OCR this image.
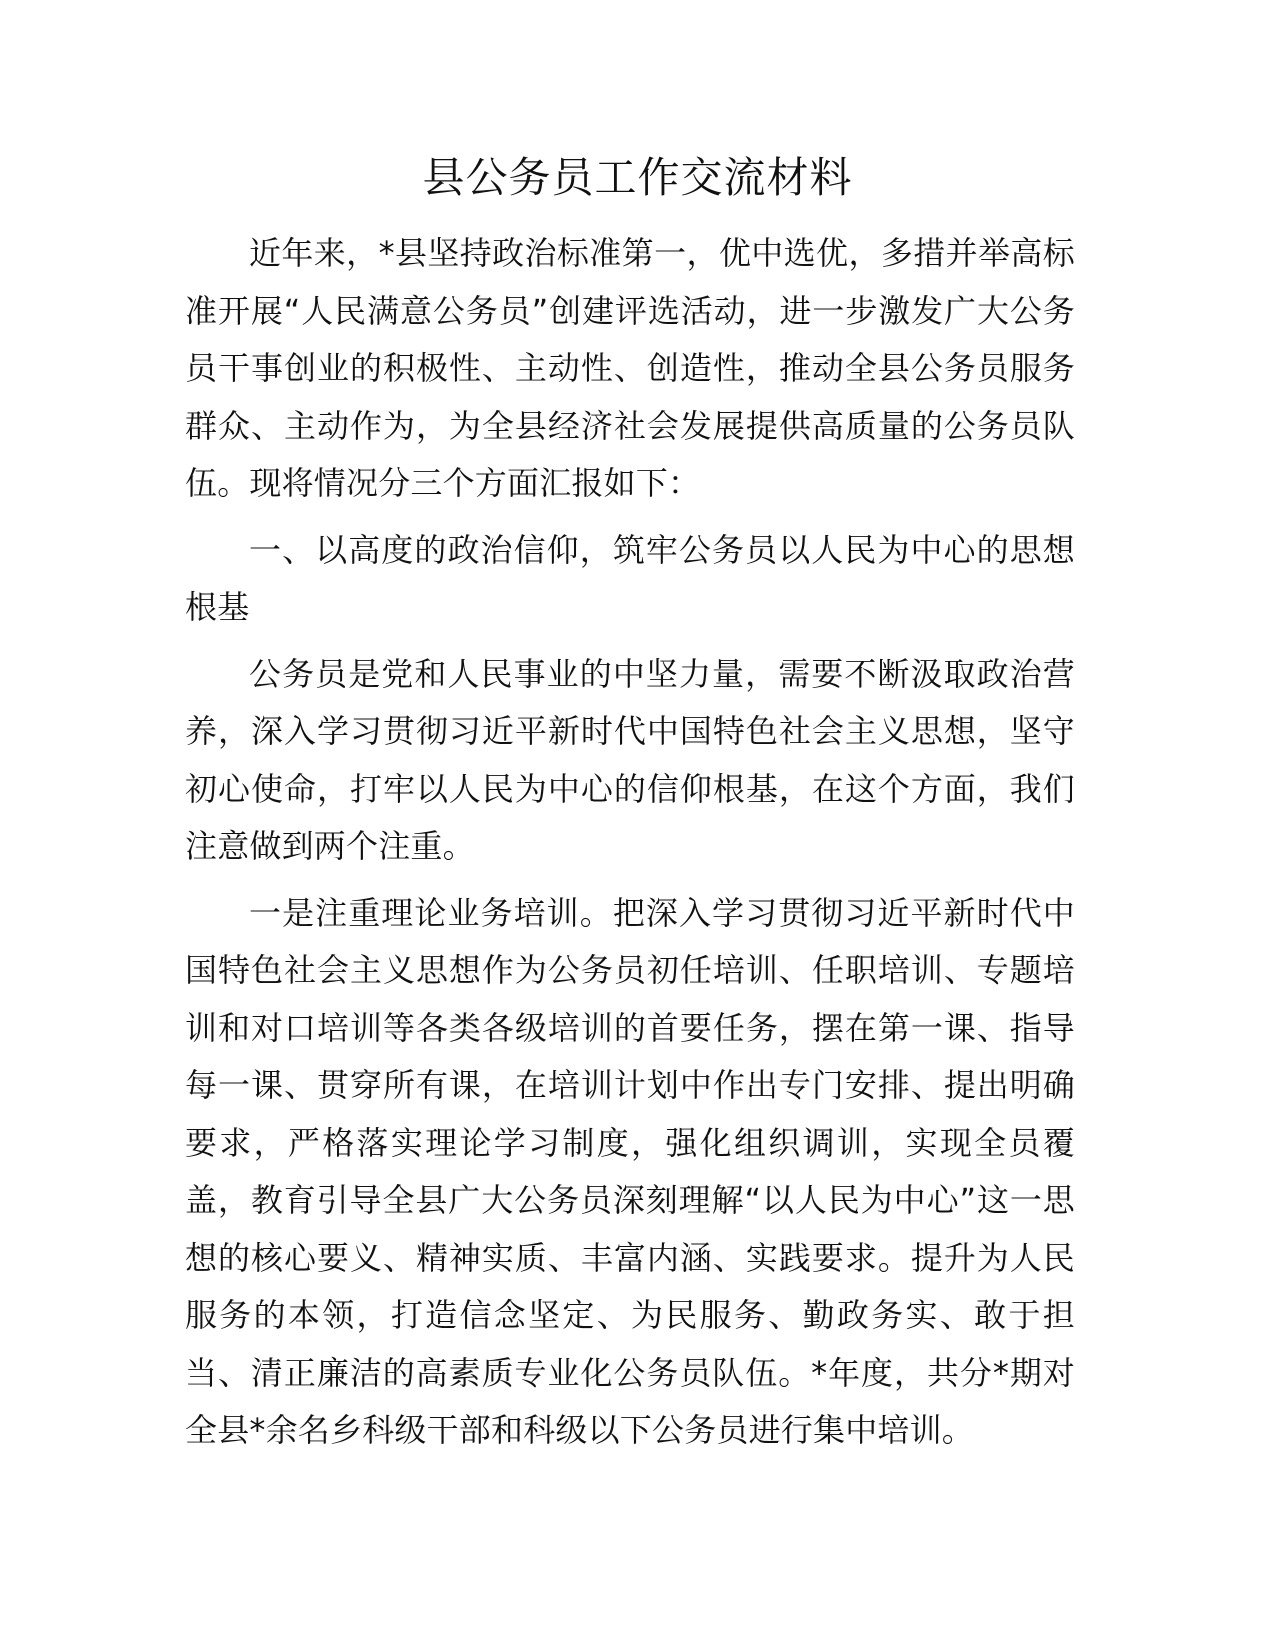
县公务员工作交流材料

近年来，*县坚持政治标准第一，优中选优，多措并举高标准开展“人民满意公务员”创建评选活动，进一步激发广大公务员干事创业的积极性、主动性、创造性，推动全县公务员服务群众、主动作为，为全县经济社会发展提供高质量的公务员队伍。现将情况分三个方面汇报如下：

一、以高度的政治信仰，筑牢公务员以人民为中心的思想根基

公务员是党和人民事业的中坚力量，需要不断汲取政治营养，深入学习贯彻习近平新时代中国特色社会主义思想，坚守初心使命，打牢以人民为中心的信仰根基，在这个方面，我们注意做到两个注重。

一是注重理论业务培训。把深入学习贯彻习近平新时代中国特色社会主义思想作为公务员初任培训、任职培训、专题培训和对口培训等各类各级培训的首要任务，摆在第一课、指导每一课、贯穿所有课，在培训计划中作出专门安排、提出明确要求，严格落实理论学习制度，强化组织调训，实现全员覆盖，教育引导全县广大公务员深刻理解“以人民为中心”这一思想的核心要义、精神实质、丰富内涵、实践要求。提升为人民服务的本领，打造信念坚定、为民服务、勤政务实、敢于担当、清正廉洁的高素质专业化公务员队伍。*年度，共分*期对全县*余名乡科级干部和科级以下公务员进行集中培训。
